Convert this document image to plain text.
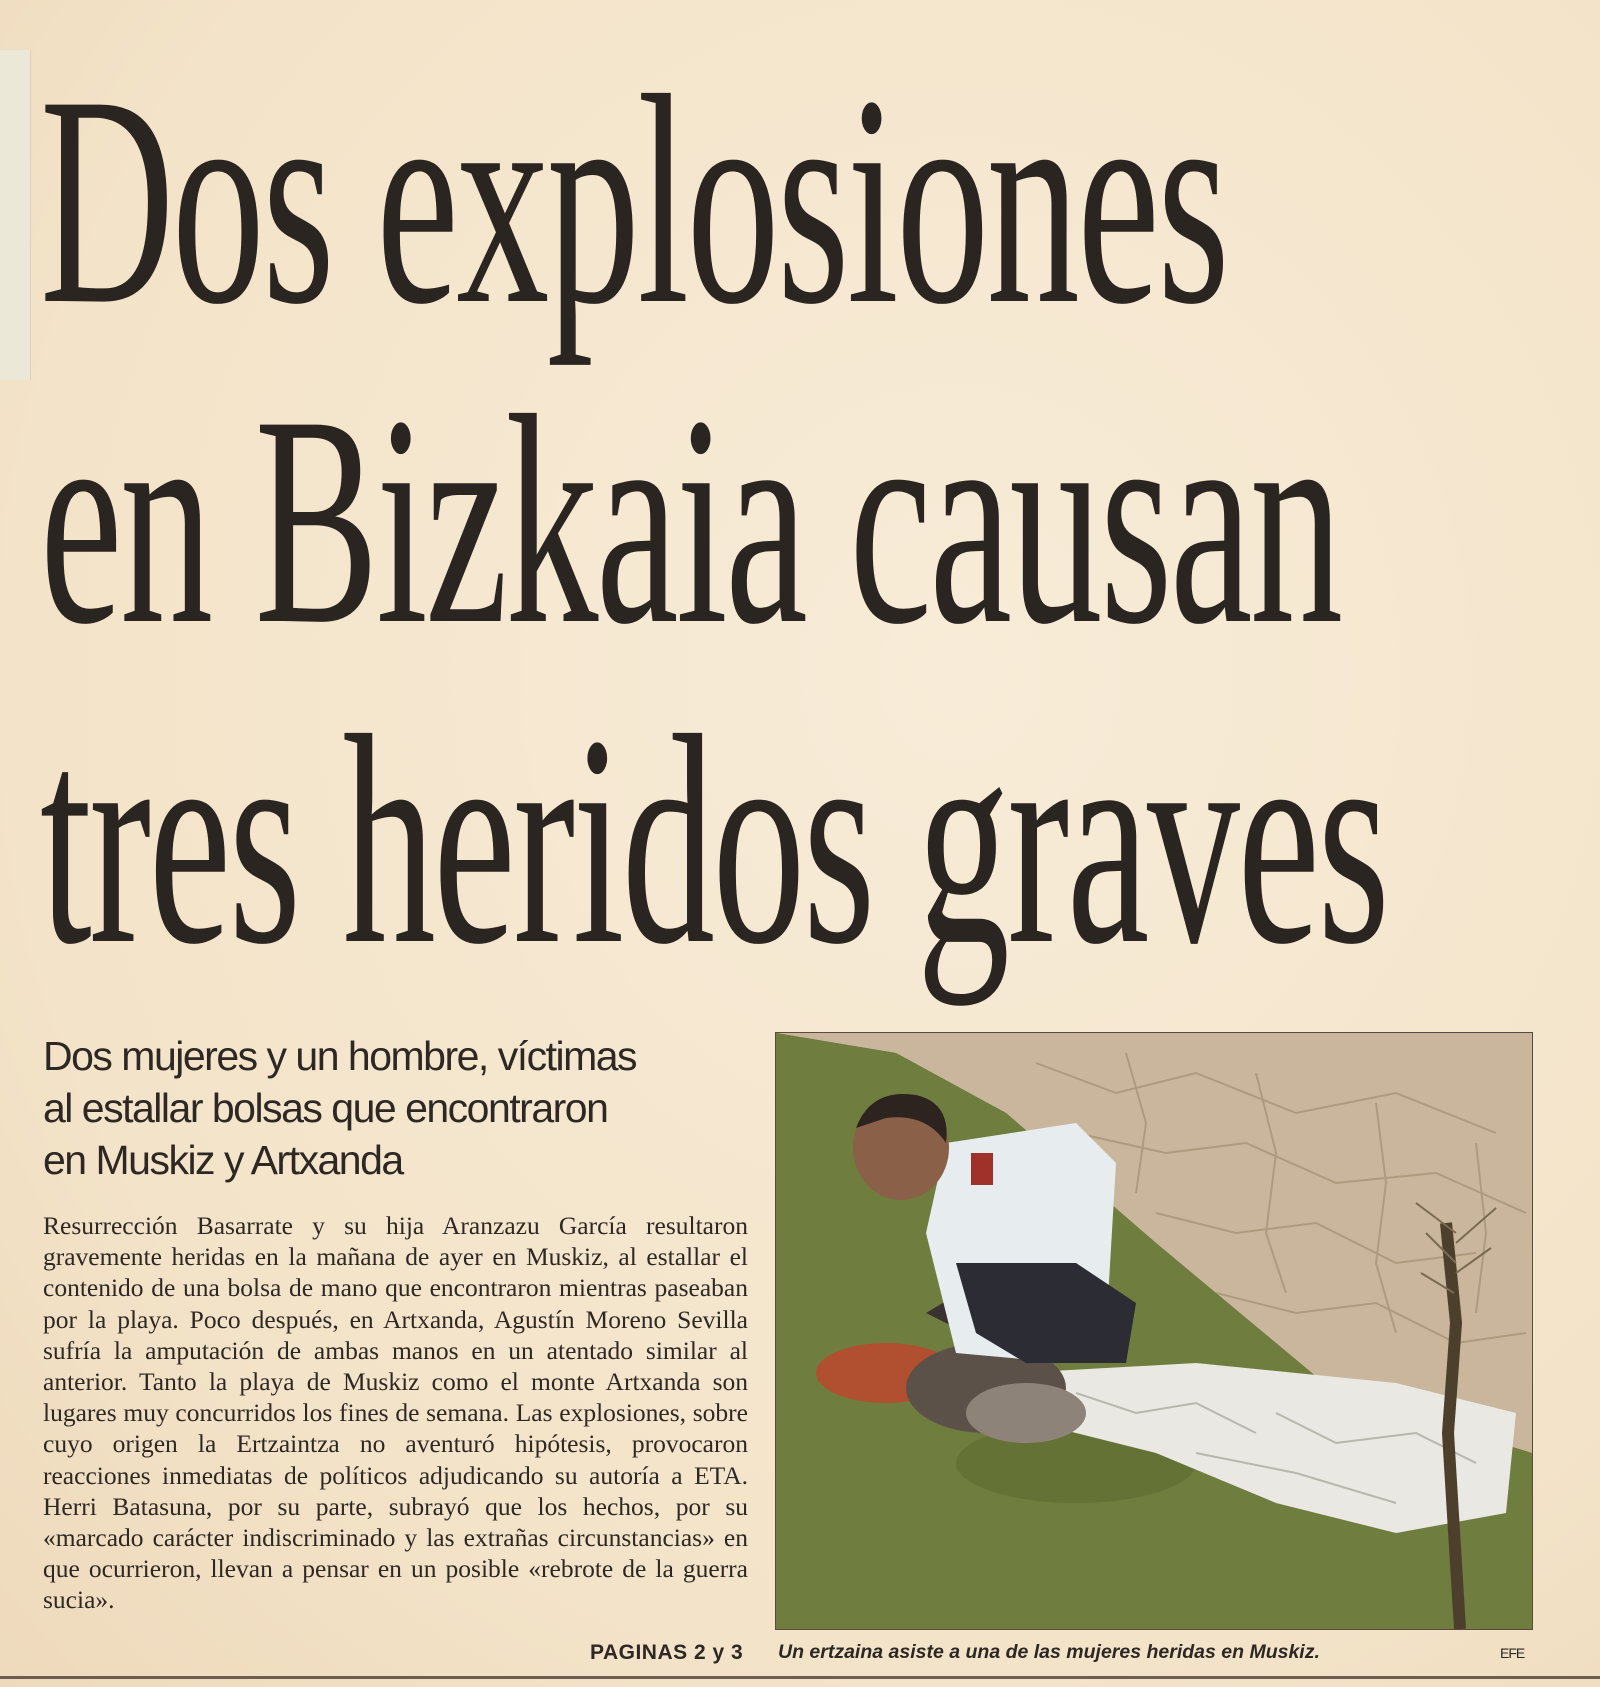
Dos explosiones
en Bizkaia causan
tres heridos graves

Dos mujeres y un hombre, víctimas
al estallar bolsas que encontraron
en Muskiz y Artxanda

Resurrección Basarrate y su hija Aranzazu García resultaron gravemente heridas en la mañana de ayer en Muskiz, al estallar el contenido de una bolsa de mano que encontraron mientras paseaban por la playa. Poco después, en Artxanda, Agustín Moreno Sevilla sufría la amputación de ambas manos en un atentado similar al anterior. Tanto la playa de Muskiz como el monte Artxanda son lugares muy concurridos los fines de semana. Las explosiones, sobre cuyo origen la Ertzaintza no aventuró hipótesis, provocaron reacciones inmediatas de políticos adjudicando su autoría a ETA. Herri Batasuna, por su parte, subrayó que los hechos, por su «marcado carácter indiscriminado y las extrañas circunstancias» en que ocurrieron, llevan a pensar en un posible «rebrote de la guerra sucia».

PAGINAS 2 y 3 Un ertzaina asiste a una de las mujeres heridas en Muskiz.	EFE
